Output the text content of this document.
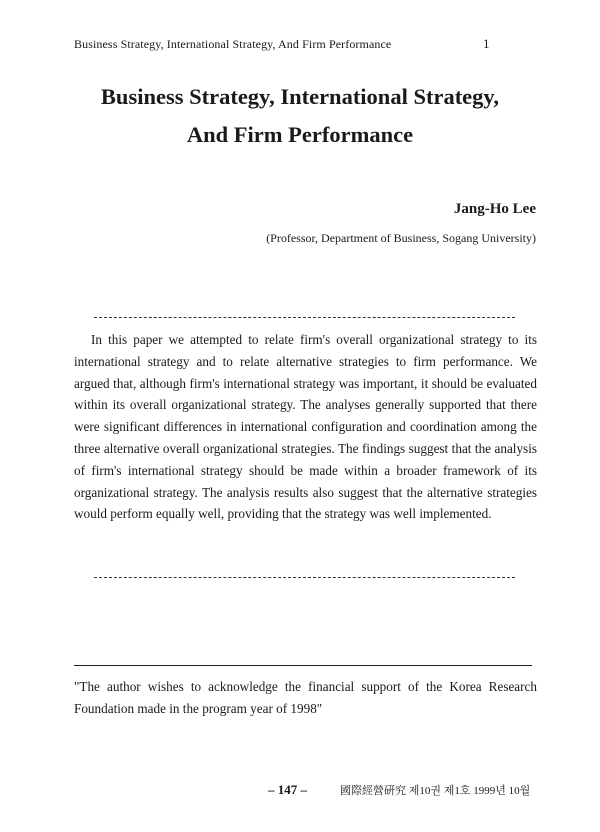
Business Strategy, International Strategy, And Firm Performance	1
Business Strategy, International Strategy,
And Firm Performance
Jang-Ho Lee
(Professor, Department of Business, Sogang University)

In this paper we attempted to relate firm's overall organizational strategy to its international strategy and to relate alternative strategies to firm performance. We argued that, although firm's international strategy was important, it should be evaluated within its overall organizational strategy. The analyses generally supported that there were significant differences in international configuration and coordination among the three alternative overall organizational strategies. The findings suggest that the analysis of firm's international strategy should be made within a broader framework of its organizational strategy. The analysis results also suggest that the alternative strategies would perform equally well, providing that the strategy was well implemented.

"The author wishes to acknowledge the financial support of the Korea Research Foundation made in the program year of 1998"

– 147 –	國際經營硏究 제10권 제1호 1999년 10월
